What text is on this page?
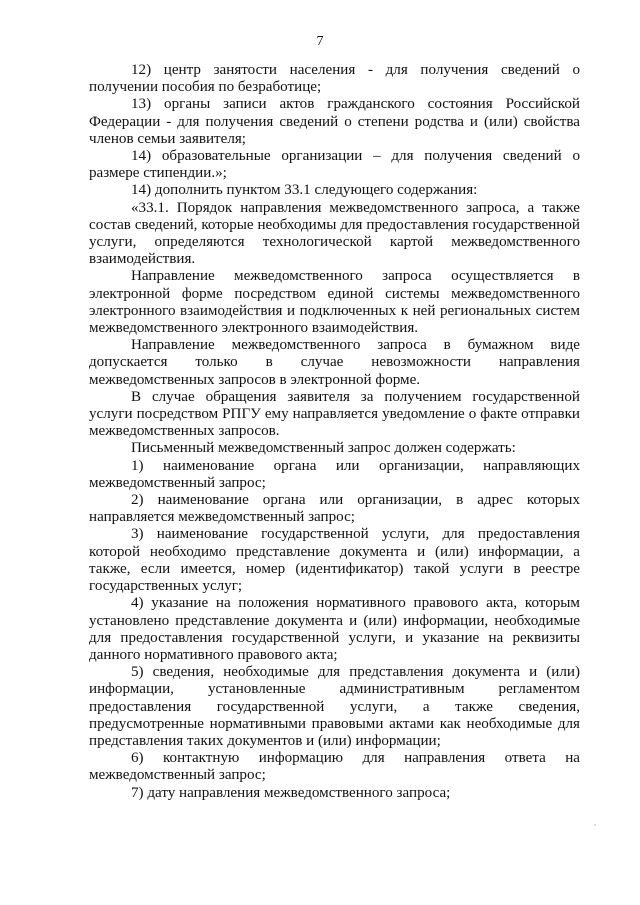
7

12) центр занятости населения - для получения сведений о получении пособия по безработице;

13) органы записи актов гражданского состояния Российской Федерации - для получения сведений о степени родства и (или) свойства членов семьи заявителя;

14) образовательные организации – для получения сведений о размере стипендии.»;

14) дополнить пунктом 33.1 следующего содержания:

«33.1. Порядок направления межведомственного запроса, а также состав сведений, которые необходимы для предоставления государственной услуги, определяются технологической картой межведомственного взаимодействия.

Направление межведомственного запроса осуществляется в электронной форме посредством единой системы межведомственного электронного взаимодействия и подключенных к ней региональных систем межведомственного электронного взаимодействия.

Направление межведомственного запроса в бумажном виде допускается только в случае невозможности направления межведомственных запросов в электронной форме.

В случае обращения заявителя за получением государственной услуги посредством РПГУ ему направляется уведомление о факте отправки межведомственных запросов.

Письменный межведомственный запрос должен содержать:

1) наименование органа или организации, направляющих межведомственный запрос;

2) наименование органа или организации, в адрес которых направляется межведомственный запрос;

3) наименование государственной услуги, для предоставления которой необходимо представление документа и (или) информации, а также, если имеется, номер (идентификатор) такой услуги в реестре государственных услуг;

4) указание на положения нормативного правового акта, которым установлено представление документа и (или) информации, необходимые для предоставления государственной услуги, и указание на реквизиты данного нормативного правового акта;

5) сведения, необходимые для представления документа и (или) информации, установленные административным регламентом предоставления государственной услуги, а также сведения, предусмотренные нормативными правовыми актами как необходимые для представления таких документов и (или) информации;

6) контактную информацию для направления ответа на межведомственный запрос;

7) дату направления межведомственного запроса;
